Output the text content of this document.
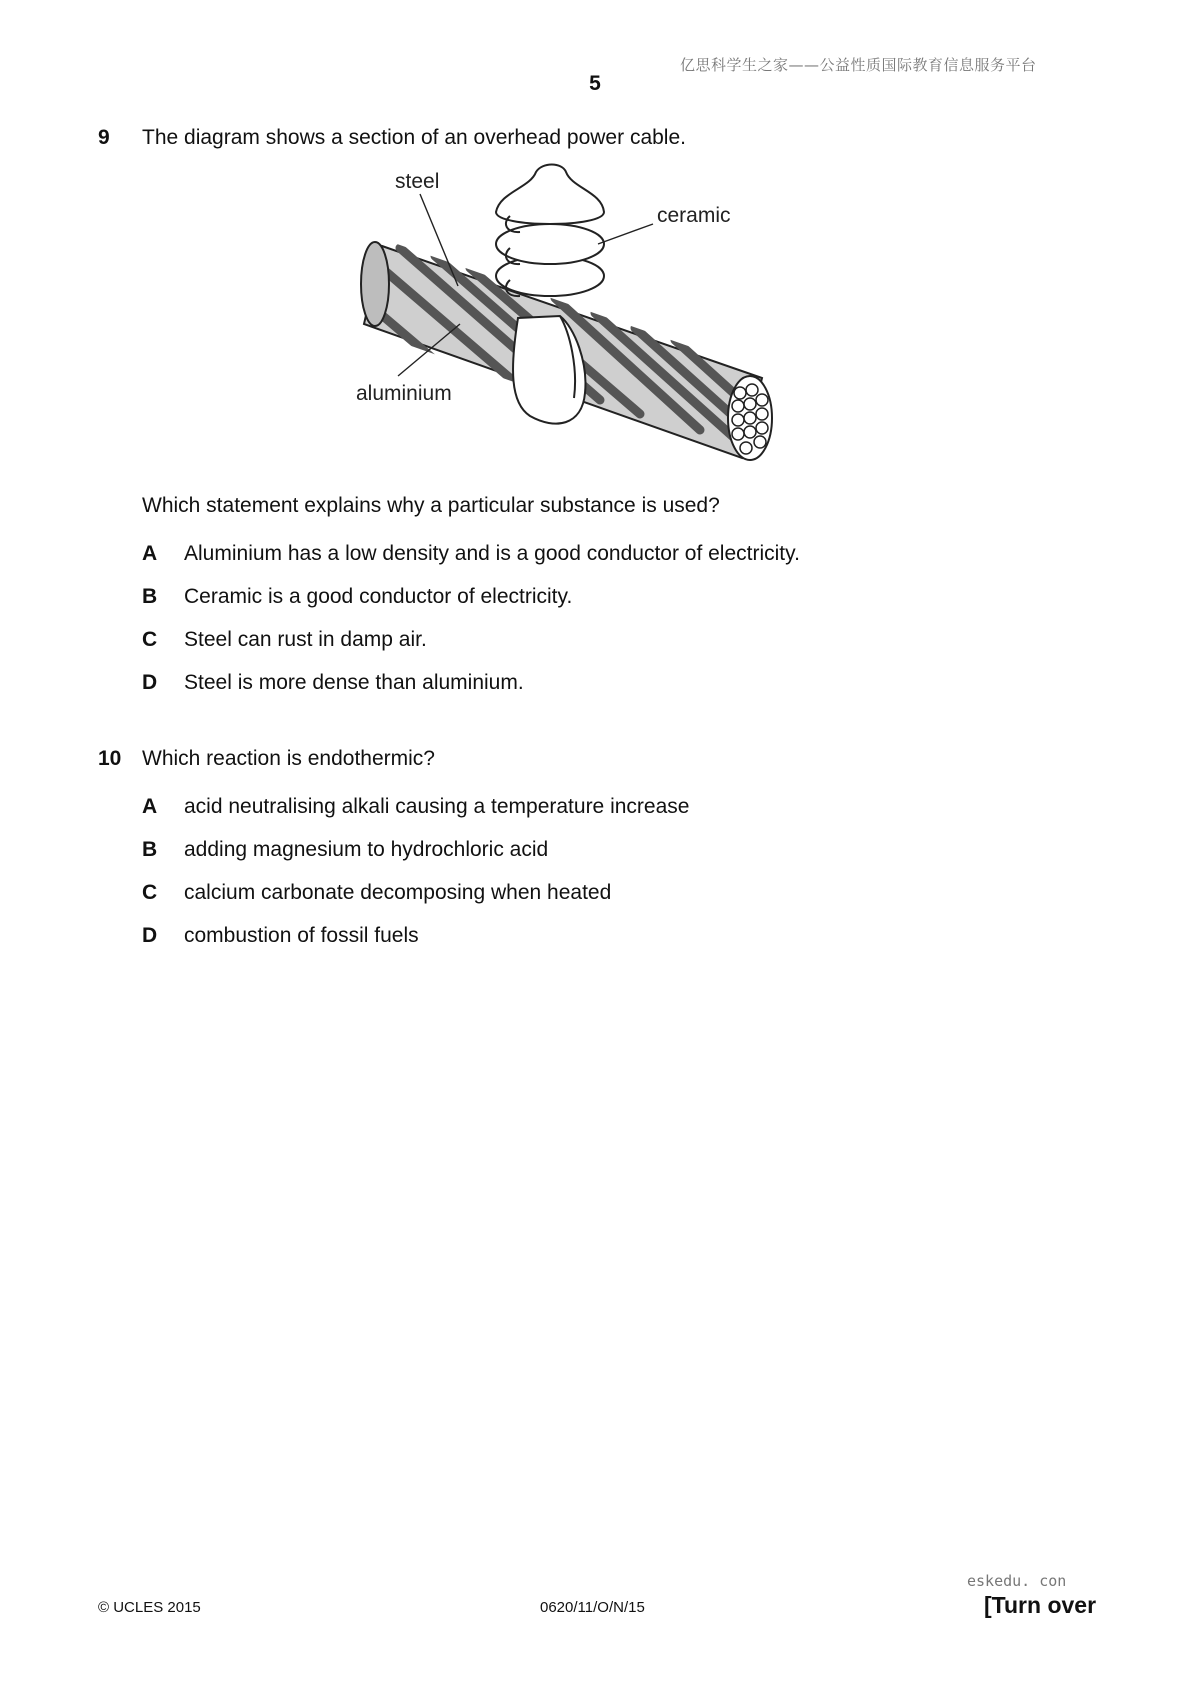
亿思科学生之家——公益性质国际教育信息服务平台
5
9 The diagram shows a section of an overhead power cable.
steel
ceramic
aluminium
Which statement explains why a particular substance is used?
A Aluminium has a low density and is a good conductor of electricity.
B Ceramic is a good conductor of electricity.
C Steel can rust in damp air.
D Steel is more dense than aluminium.
10 Which reaction is endothermic?
A acid neutralising alkali causing a temperature increase
B adding magnesium to hydrochloric acid
C calcium carbonate decomposing when heated
D combustion of fossil fuels
eskedu. con
© UCLES 2015	0620/11/O/N/15	[Turn over
